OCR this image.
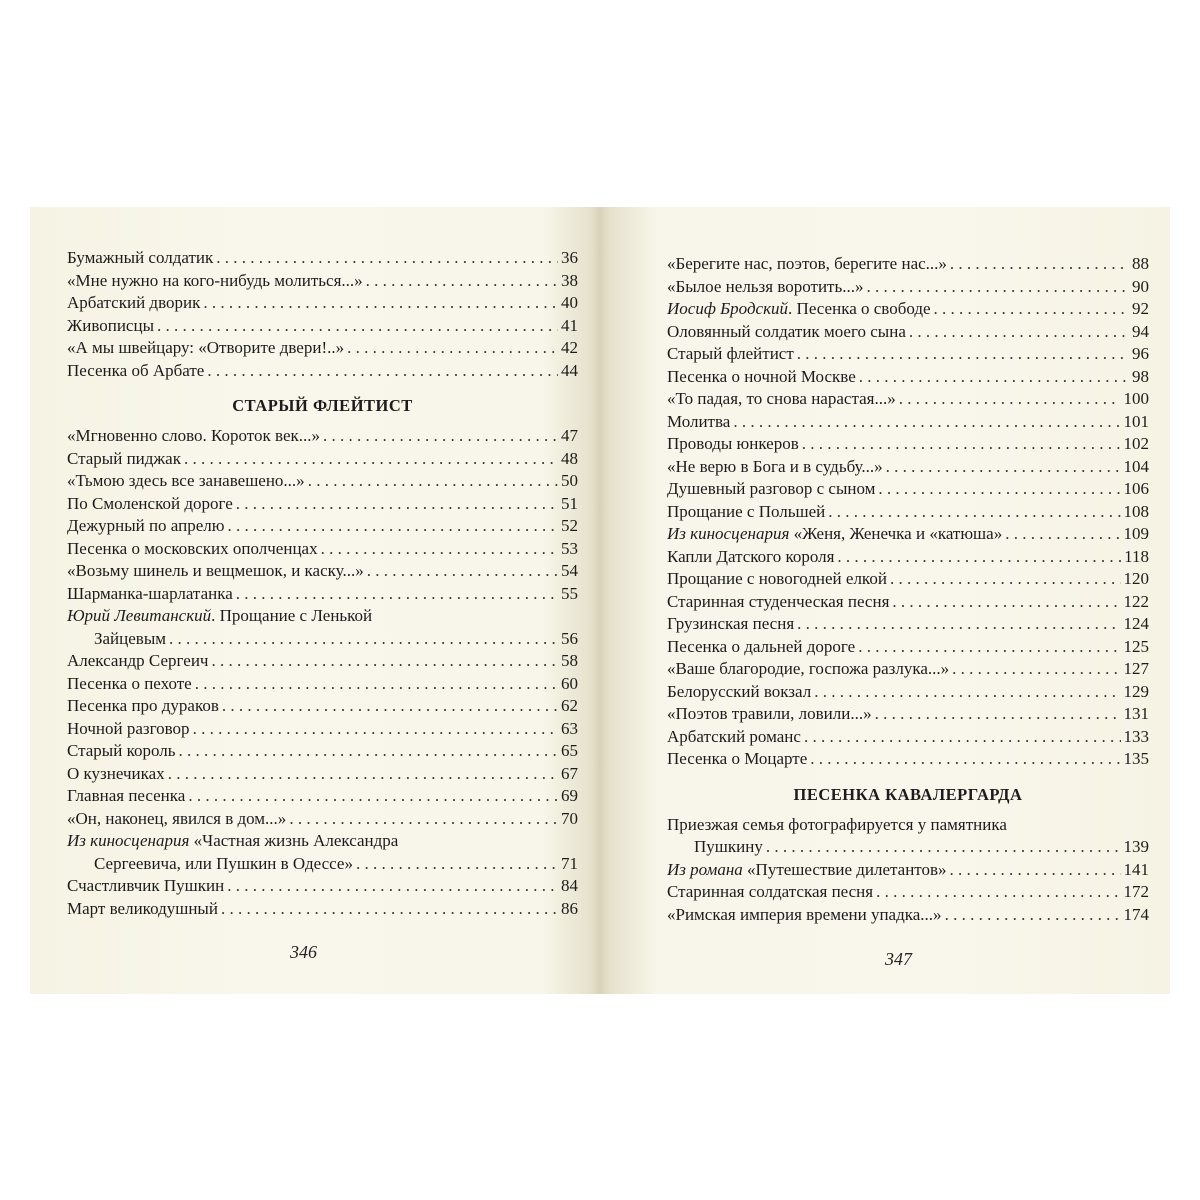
Бумажный солдатик . . .	36
«Мне нужно на кого-нибудь молиться...» . . .	38
Арбатский дворик . . .	40
Живописцы . . .	41
«А мы швейцару: «Отворите двери!..» . . .	42
Песенка об Арбате . . .	44
СТАРЫЙ ФЛЕЙТИСТ
«Мгновенно слово. Короток век...» . . .	47
Старый пиджак . . .	48
«Тьмою здесь все занавешено...» . . .	50
По Смоленской дороге . . .	51
Дежурный по апрелю . . .	52
Песенка о московских ополченцах . . .	53
«Возьму шинель и вещмешок, и каску...» . . .	54
Шарманка-шарлатанка . . .	55
Юрий Левитанский. Прощание с Ленькой
Зайцевым . . .	56
Александр Сергеич . . .	58
Песенка о пехоте . . .	60
Песенка про дураков . . .	62
Ночной разговор . . .	63
Старый король . . .	65
О кузнечиках . . .	67
Главная песенка . . .	69
«Он, наконец, явился в дом...» . . .	70
Из киносценария «Частная жизнь Александра
Сергеевича, или Пушкин в Одессе» . . .	71
Счастливчик Пушкин . . .	84
Март великодушный . . .	86
346
«Берегите нас, поэтов, берегите нас...» . . .	88
«Былое нельзя воротить...» . . .	90
Иосиф Бродский. Песенка о свободе . . .	92
Оловянный солдатик моего сына . . .	94
Старый флейтист . . .	96
Песенка о ночной Москве . . .	98
«То падая, то снова нарастая...» . . .	100
Молитва . . .	101
Проводы юнкеров . . .	102
«Не верю в Бога и в судьбу...» . . .	104
Душевный разговор с сыном . . .	106
Прощание с Польшей . . .	108
Из киносценария «Женя, Женечка и «катюша» . . .	109
Капли Датского короля . . .	118
Прощание с новогодней елкой . . .	120
Старинная студенческая песня . . .	122
Грузинская песня . . .	124
Песенка о дальней дороге . . .	125
«Ваше благородие, госпожа разлука...» . . .	127
Белорусский вокзал . . .	129
«Поэтов травили, ловили...» . . .	131
Арбатский романс . . .	133
Песенка о Моцарте . . .	135
ПЕСЕНКА КАВАЛЕРГАРДА
Приезжая семья фотографируется у памятника
Пушкину . . .	139
Из романа «Путешествие дилетантов» . . .	141
Старинная солдатская песня . . .	172
«Римская империя времени упадка...» . . .	174
347
